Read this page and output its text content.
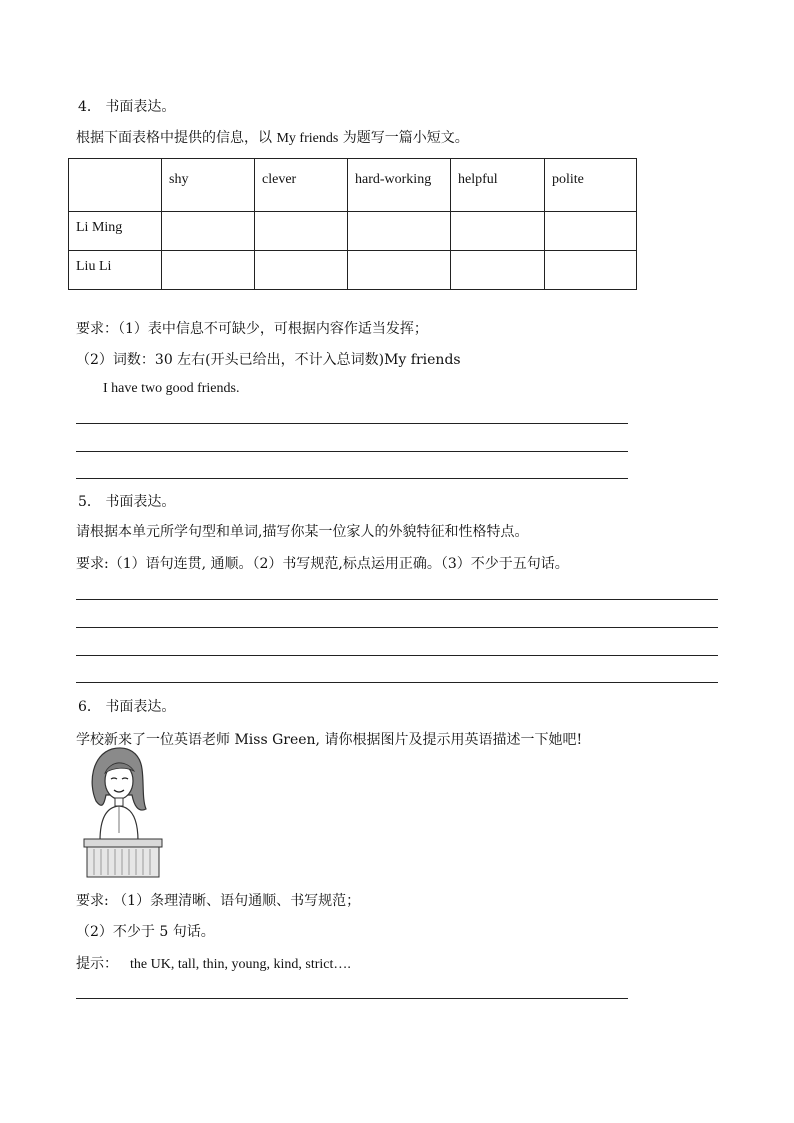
4． 书面表达。
根据下面表格中提供的信息，以 My friends 为题写一篇小短文。
	shy	clever	hard-working	helpful	polite
Li Ming					
Liu Li					
要求：（1）表中信息不可缺少，可根据内容作适当发挥；
（2）词数：30 左右(开头已给出，不计入总词数)My friends
I have two good friends.
5． 书面表达。
请根据本单元所学句型和单词,描写你某一位家人的外貌特征和性格特点。
要求:（1）语句连贯, 通顺。（2）书写规范,标点运用正确。（3）不少于五句话。
6． 书面表达。
学校新来了一位英语老师 Miss Green, 请你根据图片及提示用英语描述一下她吧!
要求: （1）条理清晰、语句通顺、书写规范；
（2）不少于 5 句话。
提示： the UK, tall, thin, young, kind, strict….
